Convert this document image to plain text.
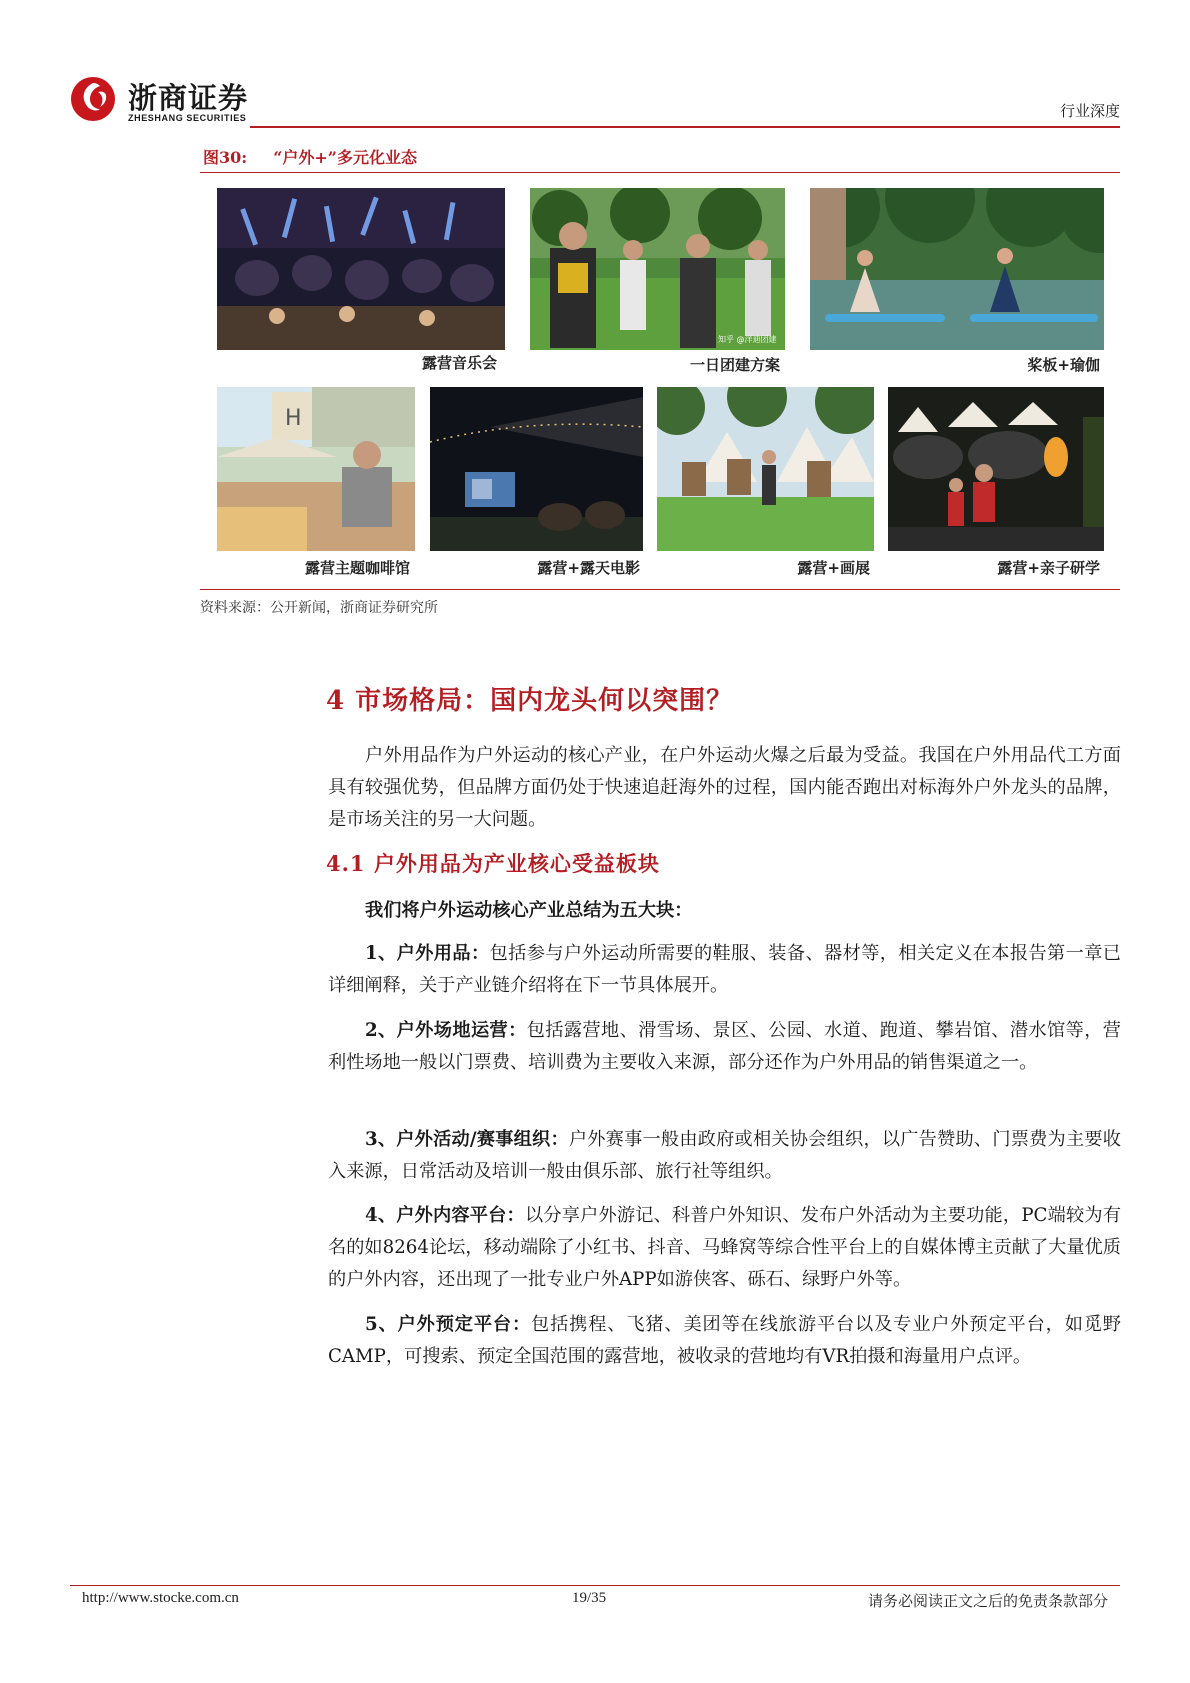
浙商证券
ZHESHANG SECURITIES	行业深度
图30: “户外+”多元化业态
露营音乐会
知乎 @洋迪团建
一日团建方案	桨板+瑜伽
H
露营主题咖啡馆	露营+露天电影	露营+画展	露营+亲子研学
资料来源：公开新闻，浙商证券研究所
4 市场格局：国内龙头何以突围？
户外用品作为户外运动的核心产业，在户外运动火爆之后最为受益。我国在户外用品代工方面具有较强优势，但品牌方面仍处于快速追赶海外的过程，国内能否跑出对标海外户外龙头的品牌，是市场关注的另一大问题。
4.1 户外用品为产业核心受益板块
我们将户外运动核心产业总结为五大块：
1、户外用品：包括参与户外运动所需要的鞋服、装备、器材等，相关定义在本报告第一章已详细阐释，关于产业链介绍将在下一节具体展开。
2、户外场地运营：包括露营地、滑雪场、景区、公园、水道、跑道、攀岩馆、潜水馆等，营利性场地一般以门票费、培训费为主要收入来源，部分还作为户外用品的销售渠道之一。
3、户外活动/赛事组织：户外赛事一般由政府或相关协会组织，以广告赞助、门票费为主要收入来源，日常活动及培训一般由俱乐部、旅行社等组织。
4、户外内容平台：以分享户外游记、科普户外知识、发布户外活动为主要功能，PC端较为有名的如8264论坛，移动端除了小红书、抖音、马蜂窝等综合性平台上的自媒体博主贡献了大量优质的户外内容，还出现了一批专业户外APP如游侠客、砾石、绿野户外等。
5、户外预定平台：包括携程、飞猪、美团等在线旅游平台以及专业户外预定平台，如觅野CAMP，可搜索、预定全国范围的露营地，被收录的营地均有VR拍摄和海量用户点评。
http://www.stocke.com.cn	19/35	请务必阅读正文之后的免责条款部分
